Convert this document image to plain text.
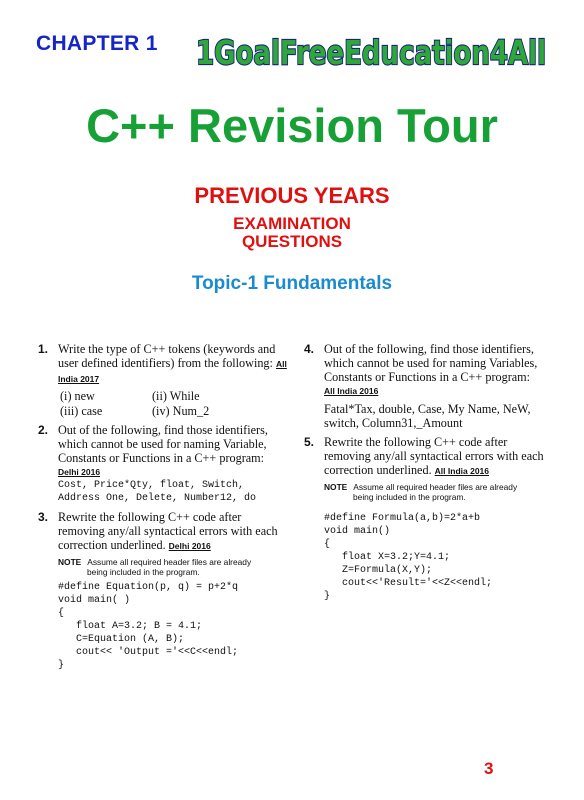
CHAPTER 1 1GoalFreeEducation4All
C++ Revision Tour
PREVIOUS YEARS
EXAMINATION
QUESTIONS
Topic-1 Fundamentals
1. Write the type of C++ tokens (keywords and user defined identifiers) from the following: All India 2017
(i) new	(ii) While
(iii) case	(iv) Num_2
2. Out of the following, find those identifiers, which cannot be used for naming Variable, Constants or Functions in a C++ program:
Delhi 2016
Cost, Price*Qty, float, Switch,
Address One, Delete, Number12, do
3. Rewrite the following C++ code after removing any/all syntactical errors with each correction underlined. Delhi 2016
NOTE Assume all required header files are already
being included in the program.
#define Equation(p, q) = p+2*q
void main( )
{
float A=3.2; B = 4.1;
C=Equation (A, B);
cout<< 'Output ='<<C<<endl;
}
4. Out of the following, find those identifiers, which cannot be used for naming Variables, Constants or Functions in a C++ program:
All India 2016
Fatal*Tax, double, Case, My Name, NeW, switch, Column31,_Amount
5. Rewrite the following C++ code after removing any/all syntactical errors with each correction underlined. All India 2016
NOTE Assume all required header files are already
being included in the program.
#define Formula(a,b)=2*a+b
void main()
{
float X=3.2;Y=4.1;
Z=Formula(X,Y);
cout<<'Result='<<Z<<endl;
}
3
